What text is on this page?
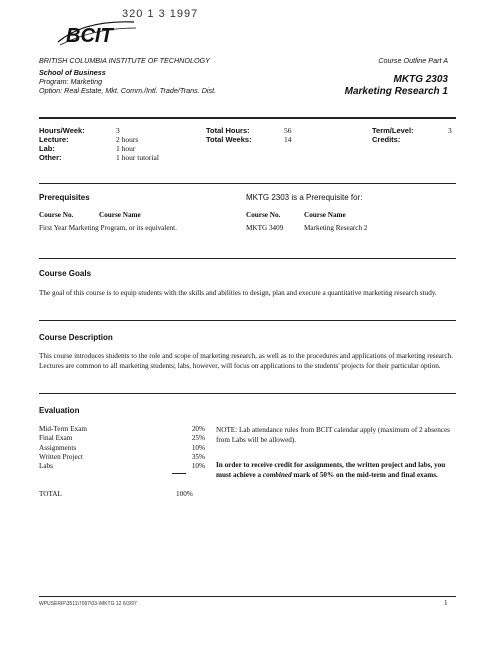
BCIT
320 1 3 1997
BRITISH COLUMBIA INSTITUTE OF TECHNOLOGY
School of Business
Program: Marketing
Option: Real Estate, Mkt. Comm./Intl. Trade/Trans. Dist.
Course Outline Part A
MKTG 2303
Marketing Research 1
Hours/Week:	3
Lecture:	2 hours
Lab:	1 hour
Other:	1 hour tutorial
Total Hours:	56
Total Weeks:	14
Term/Level:	3
Credits:
Prerequisites	MKTG 2303 is a Prerequisite for:
Course No.	Course Name
First Year Marketing Program, or its equivalent.
Course No.	Course Name
MKTG 3409	Marketing Research 2
Course Goals
The goal of this course is to equip students with the skills and abilities to design, plan and execute a quantitative marketing research study.
Course Description
This course introduces students to the role and scope of marketing research, as well as to the procedures and applications of marketing research. Lectures are common to all marketing students; labs, however, will focus on applications to the students' projects for their particular option.
Evaluation
Mid-Term Exam	20%
Final Exam	25%
Assignments	10%
Written Project	35%
Labs	10%
TOTAL	100%
NOTE: Lab attendance rules from BCIT calendar apply (maximum of 2 absences from Labs will be allowed).
In order to receive credit for assignments, the written project and labs, you must achieve a combined mark of 50% on the mid-term and final exams.
WPUSERIF\3511\7097\03-\MKTG 12 6/3/97	1
